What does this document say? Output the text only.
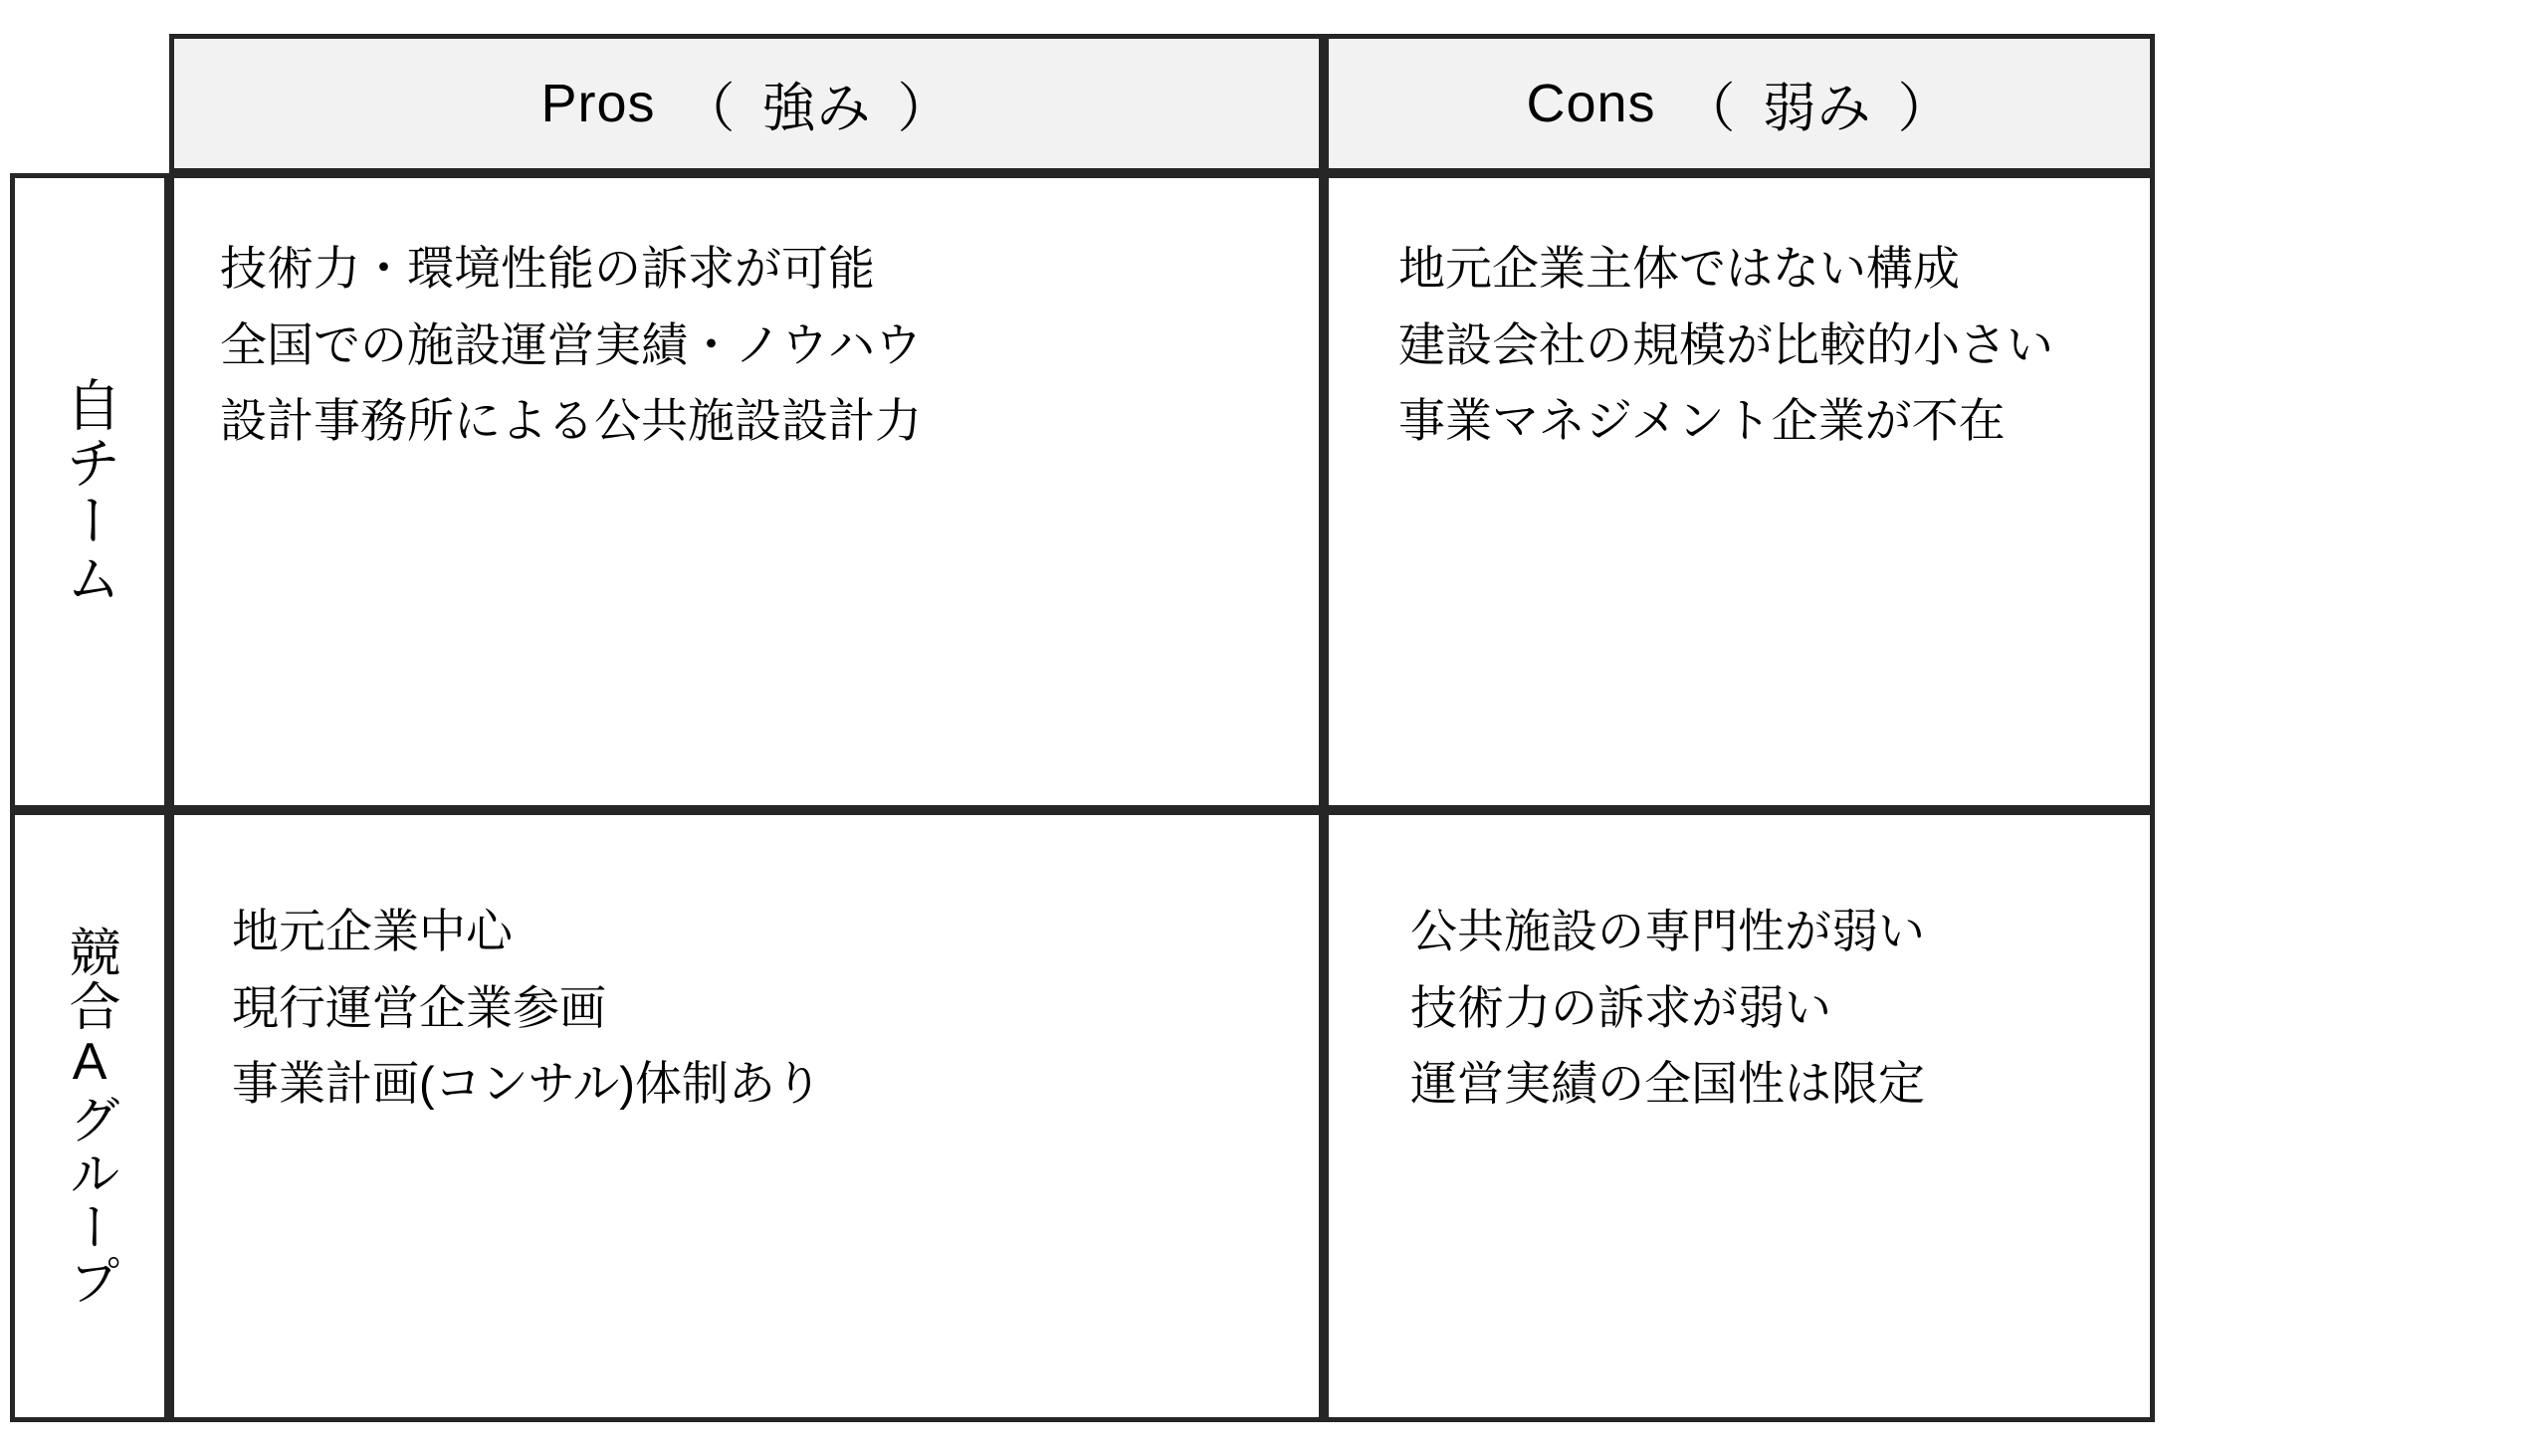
Pros （ 強み ）	Cons （ 弱み ）
自チーム
技術力・環境性能の訴求が可能
全国での施設運営実績・ノウハウ
設計事務所による公共施設設計力
地元企業主体ではない構成
建設会社の規模が比較的小さい
事業マネジメント企業が不在
競合Aグループ 地元企業中心
現行運営企業参画
事業計画(コンサル)体制あり
公共施設の専門性が弱い
技術力の訴求が弱い
運営実績の全国性は限定
